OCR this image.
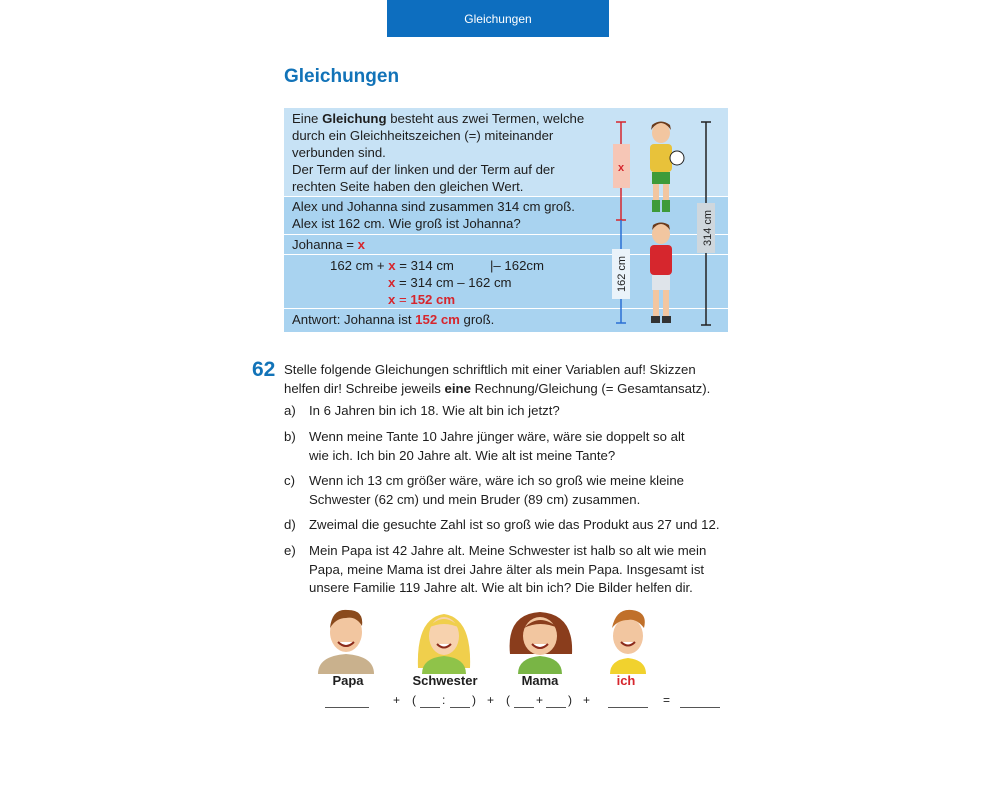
Gleichungen
Gleichungen
Eine Gleichung besteht aus zwei Termen, welche
durch ein Gleichheitszeichen (=) miteinander
verbunden sind.
Der Term auf der linken und der Term auf der
rechten Seite haben den gleichen Wert.
Alex und Johanna sind zusammen 314 cm groß.
Alex ist 162 cm. Wie groß ist Johanna?
Johanna = x
162 cm + x = 314 cm	|– 162cm
x = 314 cm – 162 cm
x = 152 cm
Antwort: Johanna ist 152 cm groß.
x
162 cm
314 cm
62 Stelle folgende Gleichungen schriftlich mit einer Variablen auf! Skizzen
helfen dir! Schreibe jeweils eine Rechnung/Gleichung (= Gesamtansatz).
a) In 6 Jahren bin ich 18. Wie alt bin ich jetzt?
b) Wenn meine Tante 10 Jahre jünger wäre, wäre sie doppelt so alt
wie ich. Ich bin 20 Jahre alt. Wie alt ist meine Tante?
c) Wenn ich 13 cm größer wäre, wäre ich so groß wie meine kleine
Schwester (62 cm) und mein Bruder (89 cm) zusammen.
d) Zweimal die gesuchte Zahl ist so groß wie das Produkt aus 27 und 12.
e) Mein Papa ist 42 Jahre alt. Meine Schwester ist halb so alt wie mein
Papa, meine Mama ist drei Jahre älter als mein Papa. Insgesamt ist
unsere Familie 119 Jahre alt. Wie alt bin ich? Die Bilder helfen dir.
Papa	Schwester	Mama	ich
+ ( : ) + ( + ) +	=
